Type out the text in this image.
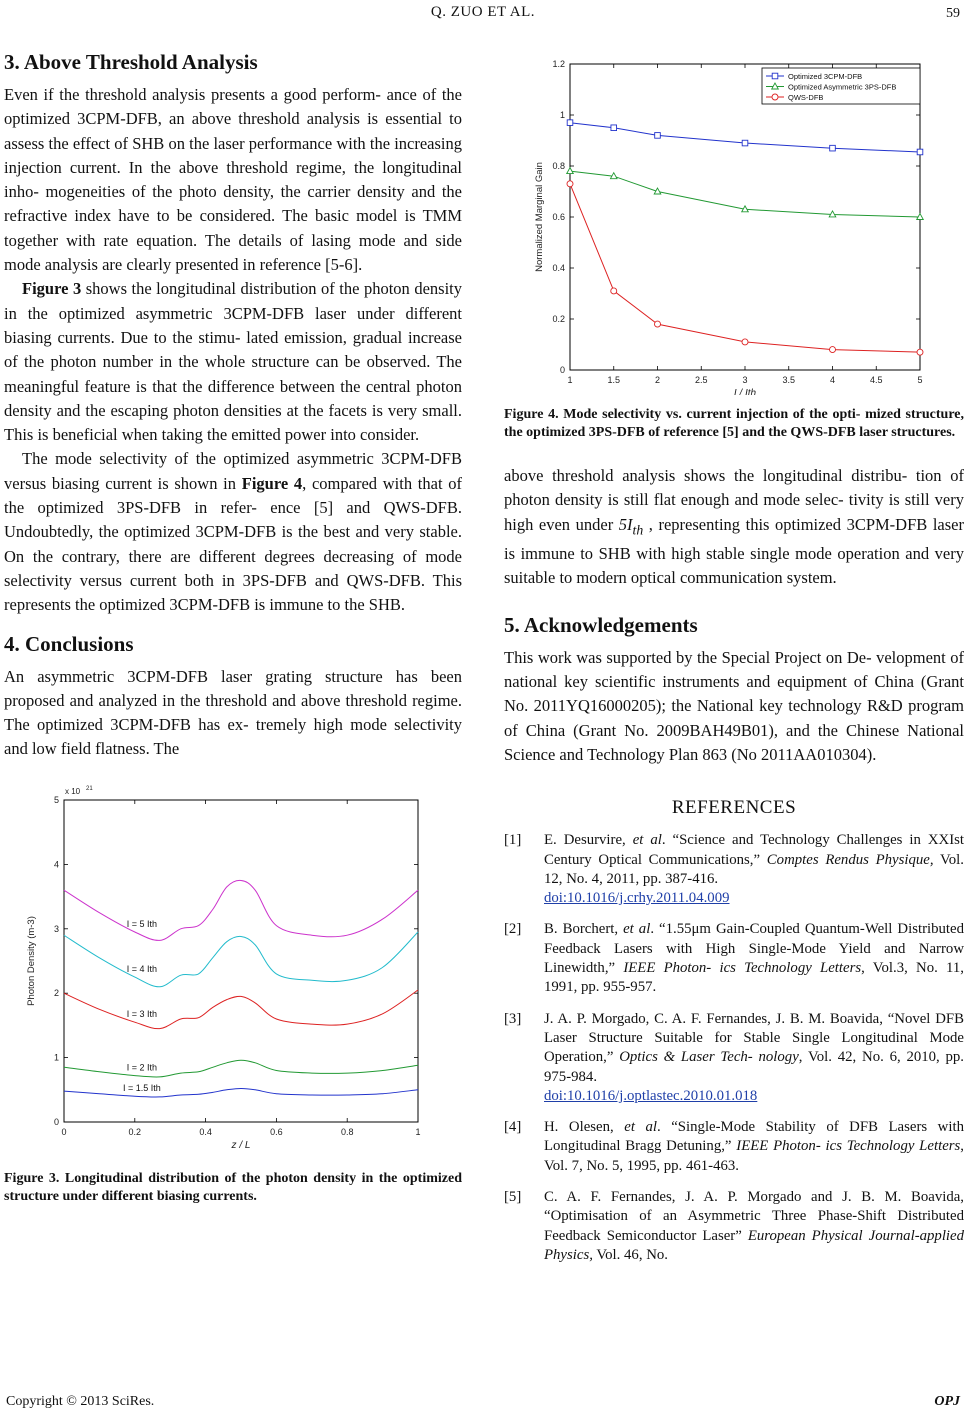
Q. ZUO ET AL.	59
3. Above Threshold Analysis

Even if the threshold analysis presents a good perform- ance of the optimized 3CPM-DFB, an above threshold analysis is essential to assess the effect of SHB on the laser performance with the increasing injection current. In the above threshold regime, the longitudinal inho- mogeneities of the photo density, the carrier density and the refractive index have to be considered. The basic model is TMM together with rate equation. The details of lasing mode and side mode analysis are clearly presented in reference [5-6].

Figure 3 shows the longitudinal distribution of the photon density in the optimized asymmetric 3CPM-DFB laser under different biasing currents. Due to the stimu- lated emission, gradual increase of the photon number in the whole structure can be observed. The meaningful feature is that the difference between the central photon density and the escaping photon densities at the facets is very small. This is beneficial when taking the emitted power into consider.

The mode selectivity of the optimized asymmetric 3CPM-DFB versus biasing current is shown in Figure 4, compared with that of the optimized 3PS-DFB in refer- ence [5] and QWS-DFB. Undoubtedly, the optimized 3CPM-DFB is the best and very stable. On the contrary, there are different degrees decreasing of mode selectivity versus current both in 3PS-DFB and QWS-DFB. This represents the optimized 3CPM-DFB is immune to the SHB.

4. Conclusions

An asymmetric 3CPM-DFB laser grating structure has been proposed and analyzed in the threshold and above threshold regime. The optimized 3CPM-DFB has ex- tremely high mode selectivity and low field flatness. The

0	0.2	0.4	0.6	0.8	1
0
1
2
3
4
5
z / L
Photon Density (m-3)
x 10 21
I = 5 Ith
I = 4 Ith
I = 3 Ith
I = 2 Ith
I = 1.5 Ith
Figure 3. Longitudinal distribution of the photon density in the optimized structure under different biasing currents.
1	1.5	2	2.5	3	3.5	4	4.5	5
0
0.2
0.4
0.6
0.8
1
1.2
I / Ith
Normalized Marginal Gain
Optimized 3CPM-DFB
Optimized Asymmetric 3PS-DFB
QWS-DFB
Figure 4. Mode selectivity vs. current injection of the opti- mized structure, the optimized 3PS-DFB of reference [5] and the QWS-DFB laser structures.

above threshold analysis shows the longitudinal distribu- tion of photon density is still flat enough and mode selec- tivity is still very high even under $5I_{th}$ , representing this optimized 3CPM-DFB laser is immune to SHB with high stable single mode operation and very suitable to modern optical communication system.

5. Acknowledgements

This work was supported by the Special Project on De- velopment of national key scientific instruments and equipment of China (Grant No. 2011YQ16000205); the National key technology R&D program of China (Grant No. 2009BAH49B01), and the Chinese National Science and Technology Plan 863 (No 2011AA010304).

REFERENCES
[1]	E. Desurvire, et al. “Science and Technology Challenges in XXIst Century Optical Communications,” Comptes Rendus Physique, Vol. 12, No. 4, 2011, pp. 387-416.
doi:10.1016/j.crhy.2011.04.009
[2]	B. Borchert, et al. “1.55μm Gain-Coupled Quantum-Well Distributed Feedback Lasers with High Single-Mode Yield and Narrow Linewidth,” IEEE Photon- ics Technology Letters, Vol.3, No. 11, 1991, pp. 955-957.
[3]	J. A. P. Morgado, C. A. F. Fernandes, J. B. M. Boavida, “Novel DFB Laser Structure Suitable for Stable Single Longitudinal Mode Operation,” Optics & Laser Tech- nology, Vol. 42, No. 6, 2010, pp. 975-984.
doi:10.1016/j.optlastec.2010.01.018
[4]	H. Olesen, et al. “Single-Mode Stability of DFB Lasers with Longitudinal Bragg Detuning,” IEEE Photon- ics Technology Letters, Vol. 7, No. 5, 1995, pp. 461-463.
[5]	C. A. F. Fernandes, J. A. P. Morgado and J. B. M. Boavida, “Optimisation of an Asymmetric Three Phase-Shift Distributed Feedback Semiconductor Laser” European Physical Journal-applied Physics, Vol. 46, No.
Copyright © 2013 SciRes.	OPJ
